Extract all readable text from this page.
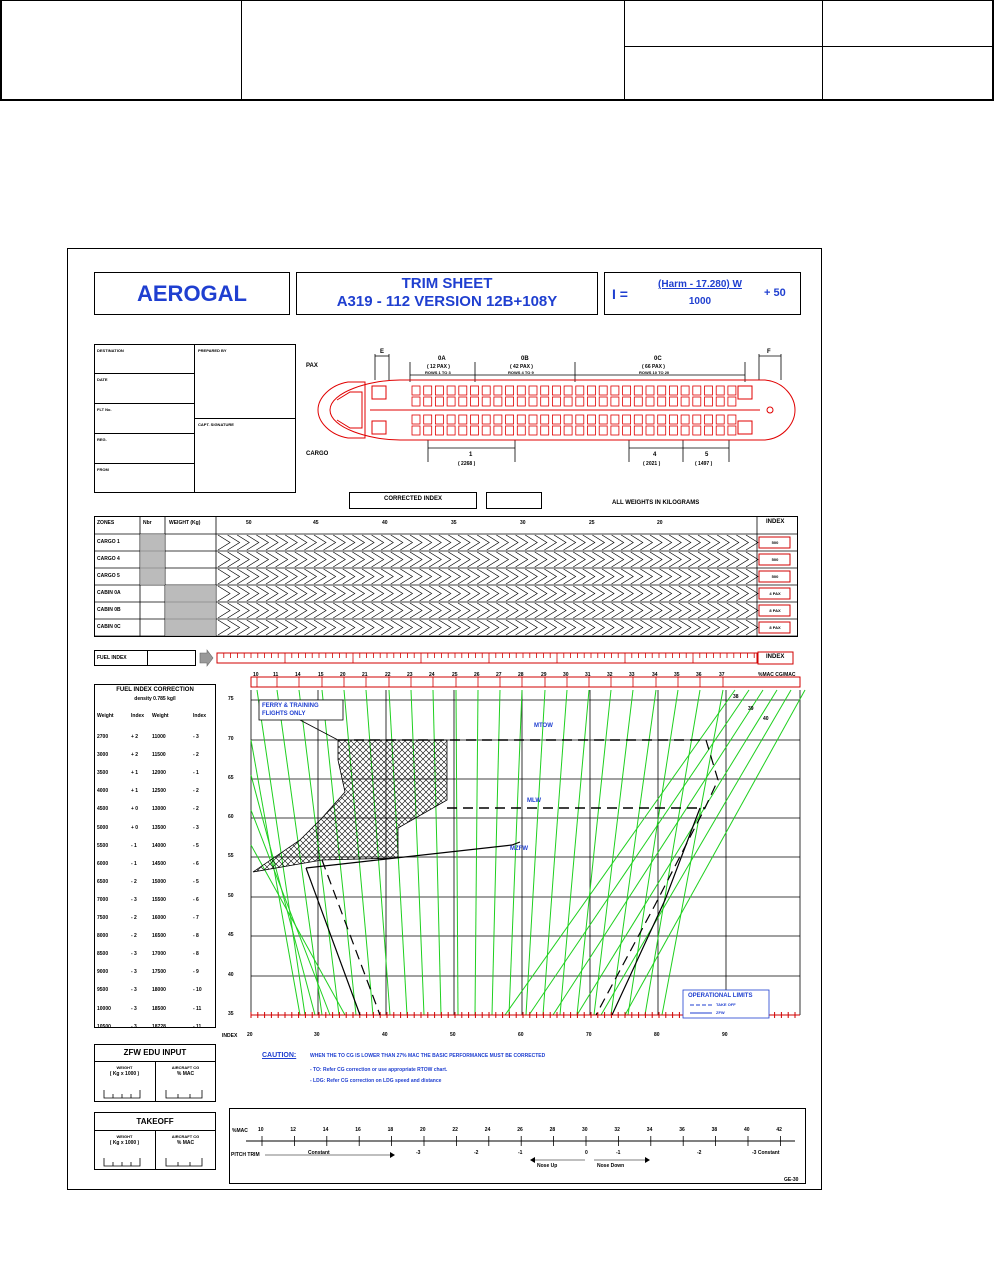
AEROGAL	TRIM SHEET
A319 - 112 VERSION 12B+108Y	I =
(Harm - 17.280) W
1000
+ 50
DESTINATION
DATE
FLT No.
REG.
FROM
PREPARED BY
CAPT. SIGNATURE
PAX
CARGO
0A
( 12 PAX )
ROWS 1 TO 3
0B
( 42 PAX )
ROWS 4 TO 9
0C
( 66 PAX )
ROWS 10 TO 20
E	F
1
( 2268 )
4
( 2021 )
5
( 1497 )
CORRECTED INDEX
ALL WEIGHTS IN KILOGRAMS
ZONES	Nbr	WEIGHT (Kg)	INDEX
FUEL INDEX	INDEX
FUEL INDEX CORRECTION
density 0.785 kg/l
ZFW EDU INPUT
WEIGHT
( Kg x 1000 )
AIRCRAFT CG
% MAC
TAKEOFF
WEIGHT
( Kg x 1000 )
AIRCRAFT CG
% MAC
10	11	14	15	20	21	22	23	24	25	26	27	28	29	30	31	32	33	34	35	36	37	%MAC CG/MAC
75
70
65
60
55
50
45
40
35
INDEX 20	30	40	50	60	70	80	90
MTOW
MLW
MZFW
FERRY & TRAINING
FLIGHTS ONLY
OPERATIONAL LIMITS
TAKE OFF
ZFW
38
39
40
CAUTION:	WHEN THE TO CG IS LOWER THAN 27% MAC THE BASIC PERFORMANCE MUST BE CORRECTED
- TO: Refer CG correction or use appropriate RTOW chart.
- LDG: Refer CG correction on LDG speed and distance
%MAC 10	12	14	16	18	20	22	24	26	28	30	32	34	36	38	40	42
-3	-2	-1	0	-1	-2	-3 Constant
PITCH TRIM	Constant
Nose Up	Nose Down
GE-30
50	45	40	35	30	25	20
CARGO 1	500
CARGO 4	500
CARGO 5	500
CABIN 0A	4 PAX
CABIN 0B	8 PAX
CABIN 0C	8 PAX
Weight	Index Weight	Index
2700	+ 2	11000	- 3
3000	+ 2	11500	- 2
3500	+ 1	12000	- 1
4000	+ 1	12500	- 2
4500	+ 0	13000	- 2
5000	+ 0	13500	- 3
5500	- 1	14000	- 5
6000	- 1	14500	- 6
6500	- 2	15000	- 5
7000	- 3	15500	- 6
7500	- 2	16000	- 7
8000	- 2	16500	- 8
8500	- 3	17000	- 8
9000	- 3	17500	- 9
9500	- 3	18000	- 10
10000	- 3	18500	- 11
10500	- 3	18728	- 11
